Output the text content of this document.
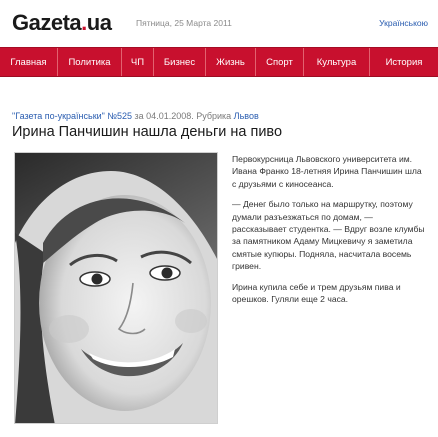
Gazeta.ua	Пятница, 25 Марта 2011	Українською
Главная	Политика	ЧП	Бизнес	Жизнь	Спорт	Культура	История
"Газета по-українськи" №525 за 04.01.2008. Рубрика Львов
Ирина Панчишин нашла деньги на пиво

Первокурсница Львовского университета им. Ивана Франко 18-летняя Ирина Панчишин шла с друзьями с киносеанса.

— Денег было только на маршрутку, поэтому думали разъезжаться по домам, — рассказывает студентка. — Вдруг возле клумбы за памятником Адаму Мицкевичу я заметила смятые купюры. Подняла, насчитала восемь гривен.

Ирина купила себе и трем друзьям пива и орешков. Гуляли еще 2 часа.
